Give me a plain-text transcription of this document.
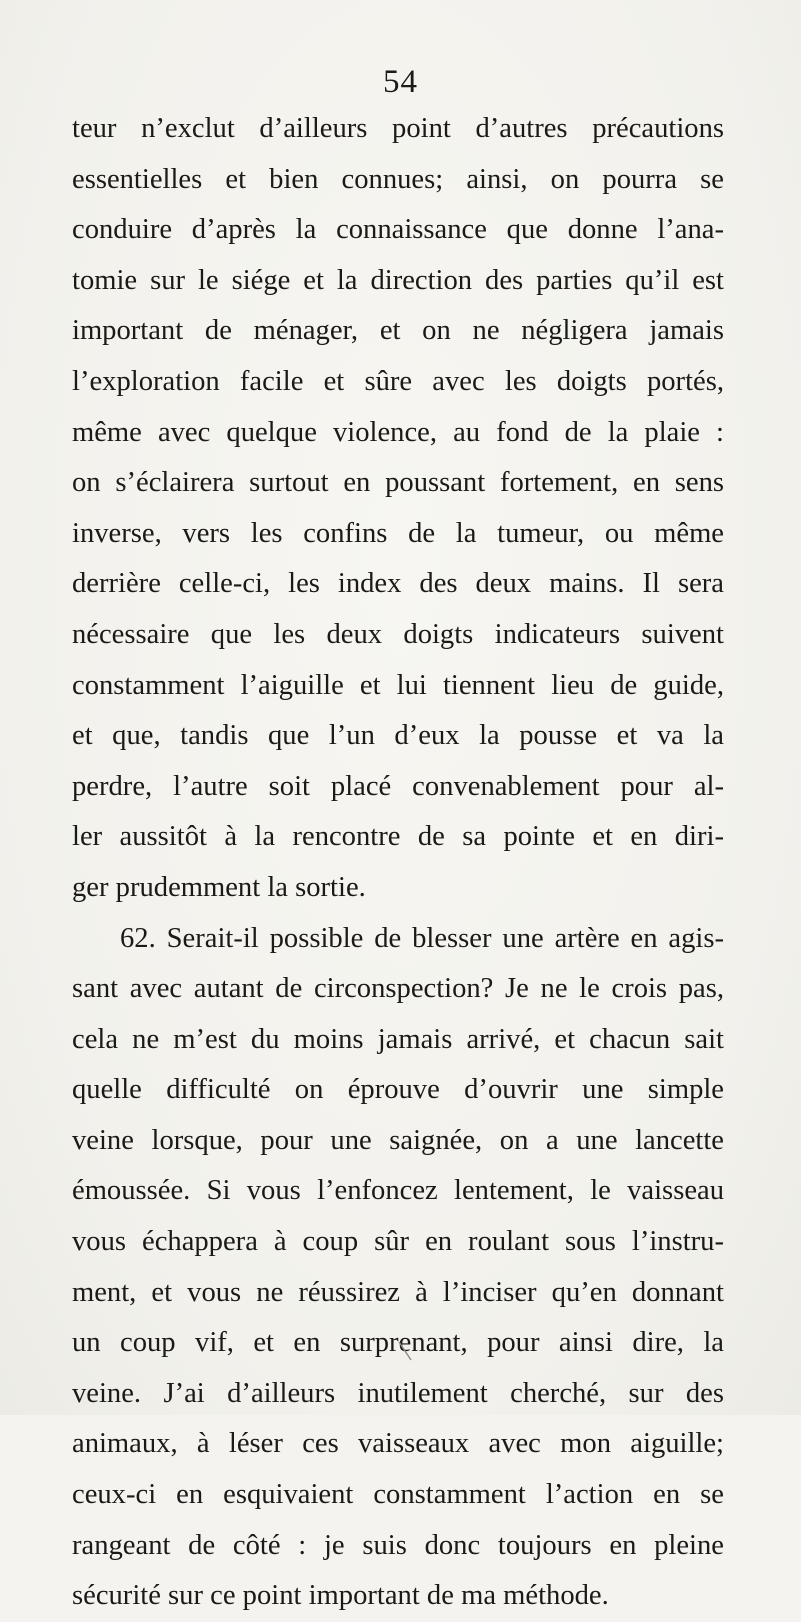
54
teur n’exclut d’ailleurs point d’autres précautions
essentielles et bien connues; ainsi, on pourra se
conduire d’après la connaissance que donne l’ana-
tomie sur le siége et la direction des parties qu’il est
important de ménager, et on ne négligera jamais
l’exploration facile et sûre avec les doigts portés,
même avec quelque violence, au fond de la plaie :
on s’éclairera surtout en poussant fortement, en sens
inverse, vers les confins de la tumeur, ou même
derrière celle-ci, les index des deux mains. Il sera
nécessaire que les deux doigts indicateurs suivent
constamment l’aiguille et lui tiennent lieu de guide,
et que, tandis que l’un d’eux la pousse et va la
perdre, l’autre soit placé convenablement pour al-
ler aussitôt à la rencontre de sa pointe et en diri-
ger prudemment la sortie.
62. Serait-il possible de blesser une artère en agis-
sant avec autant de circonspection? Je ne le crois pas,
cela ne m’est du moins jamais arrivé, et chacun sait
quelle difficulté on éprouve d’ouvrir une simple
veine lorsque, pour une saignée, on a une lancette
émoussée. Si vous l’enfoncez lentement, le vaisseau
vous échappera à coup sûr en roulant sous l’instru-
ment, et vous ne réussirez à l’inciser qu’en donnant
un coup vif, et en surprenant, pour ainsi dire, la
veine. J’ai d’ailleurs inutilement cherché, sur des
animaux, à léser ces vaisseaux avec mon aiguille;
ceux-ci en esquivaient constamment l’action en se
rangeant de côté : je suis donc toujours en pleine
sécurité sur ce point important de ma méthode.
